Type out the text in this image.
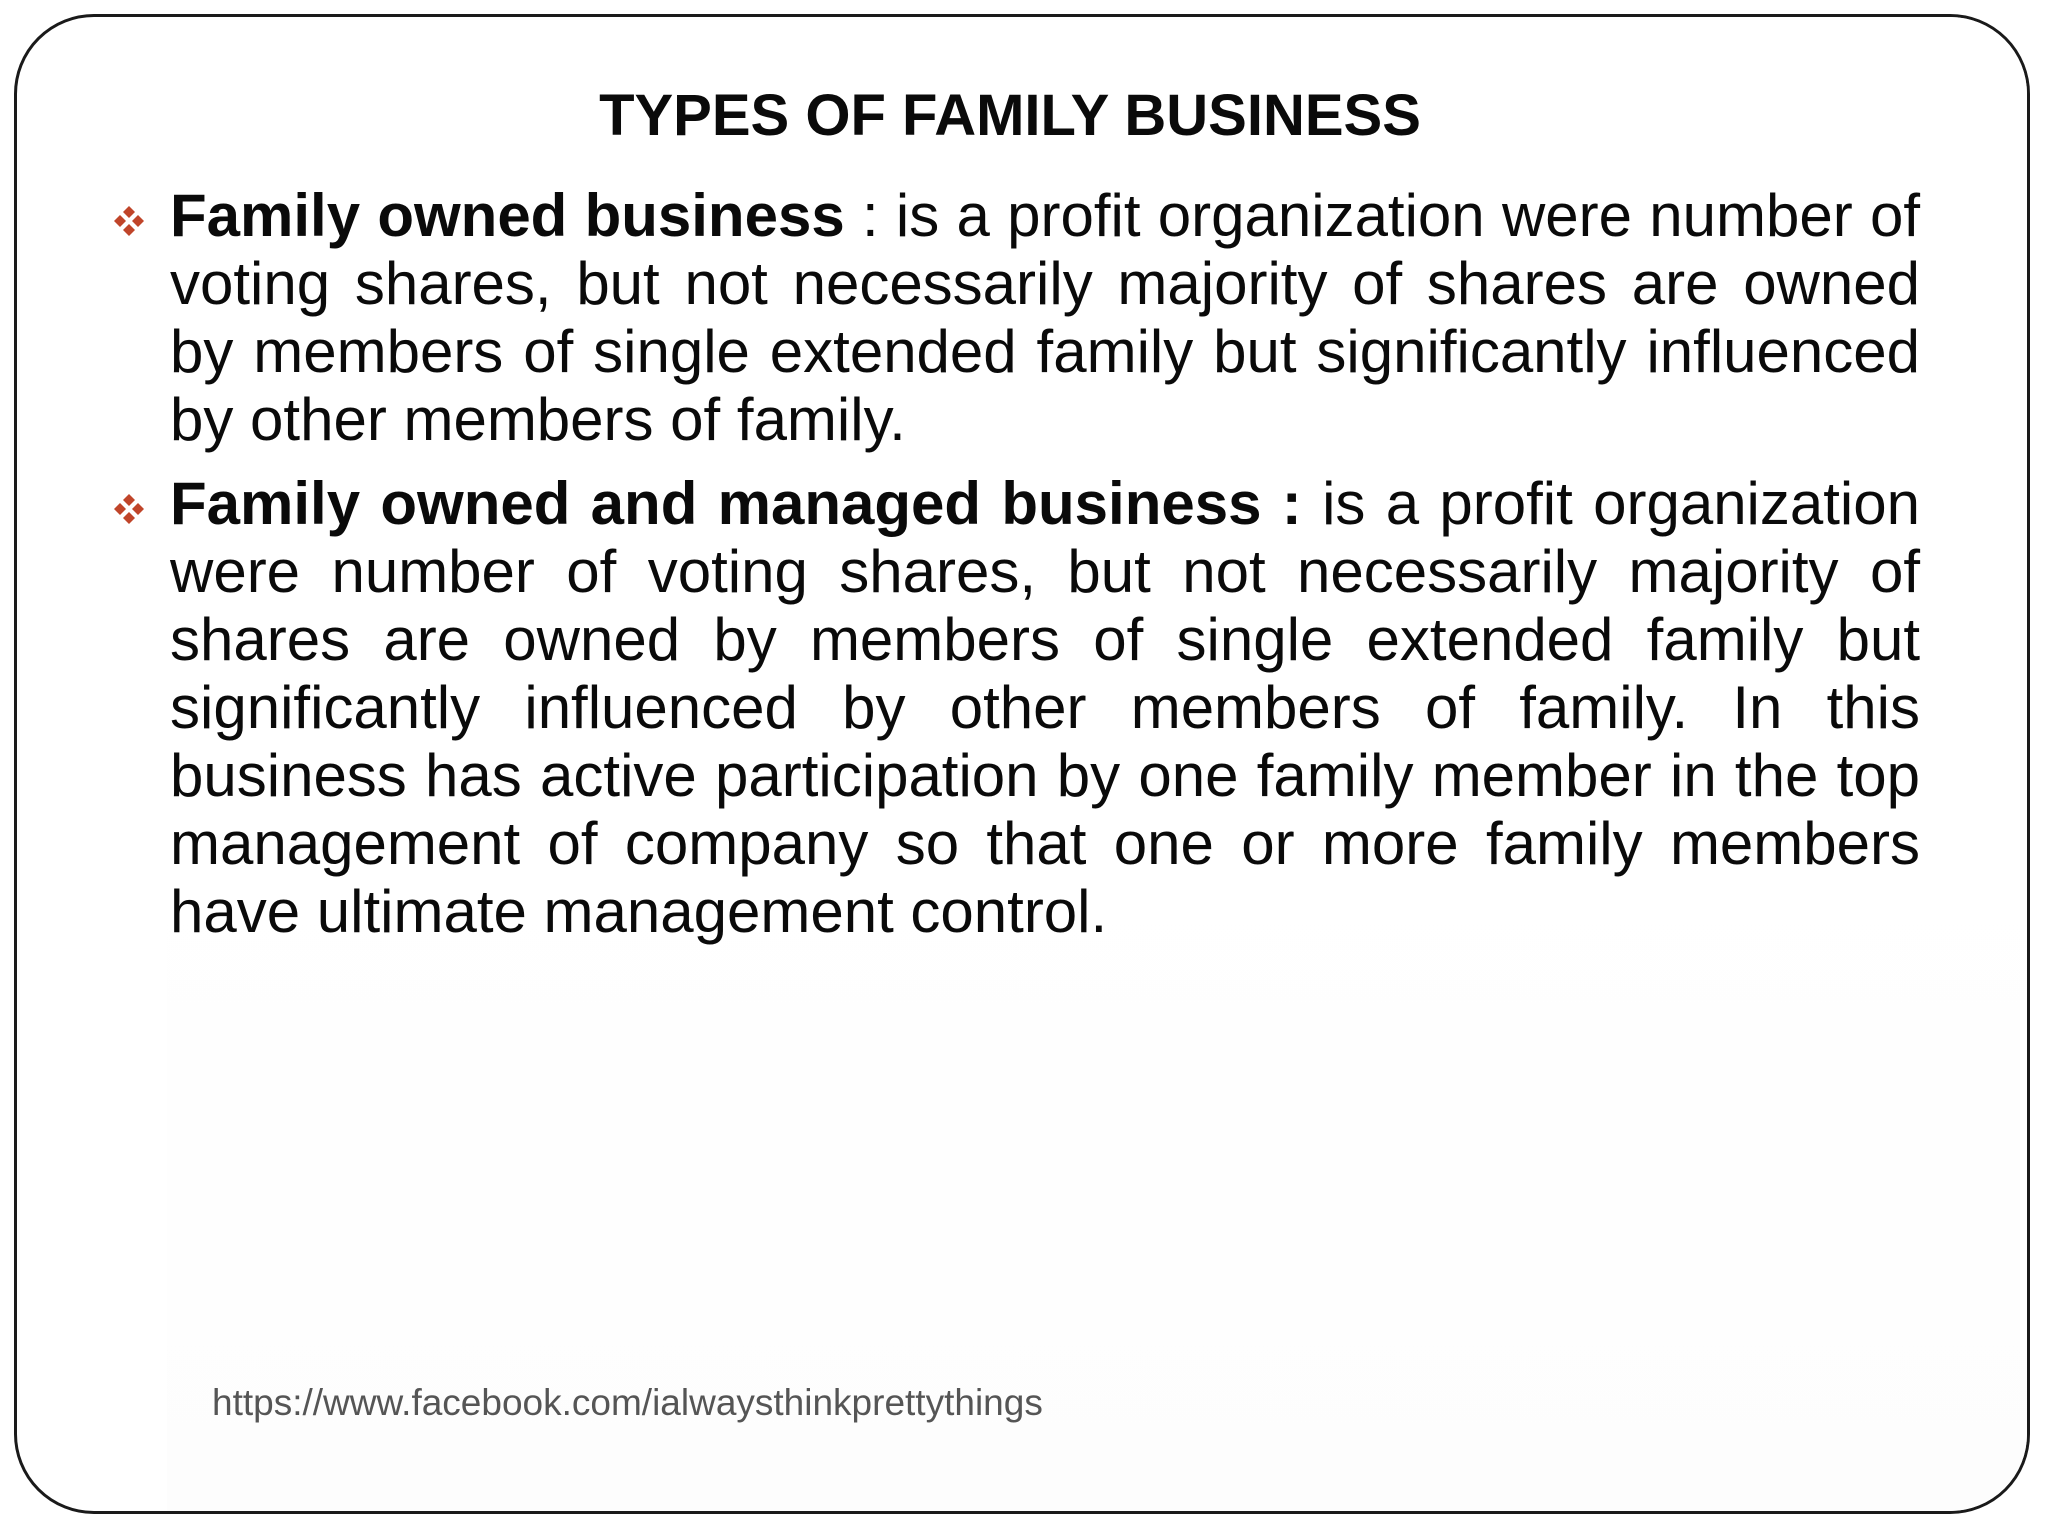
TYPES OF FAMILY BUSINESS
Family owned business : is a profit organization were number of voting shares, but not necessarily majority of shares are owned by members of single extended family but significantly influenced by other members of family.
Family owned and managed business : is a profit organization were number of voting shares, but not necessarily majority of shares are owned by members of single extended family but significantly influenced by other members of family. In this business has active participation by one family member in the top management of company so that one or more family members have ultimate management control.
https://www.facebook.com/ialwaysthinkprettythings
